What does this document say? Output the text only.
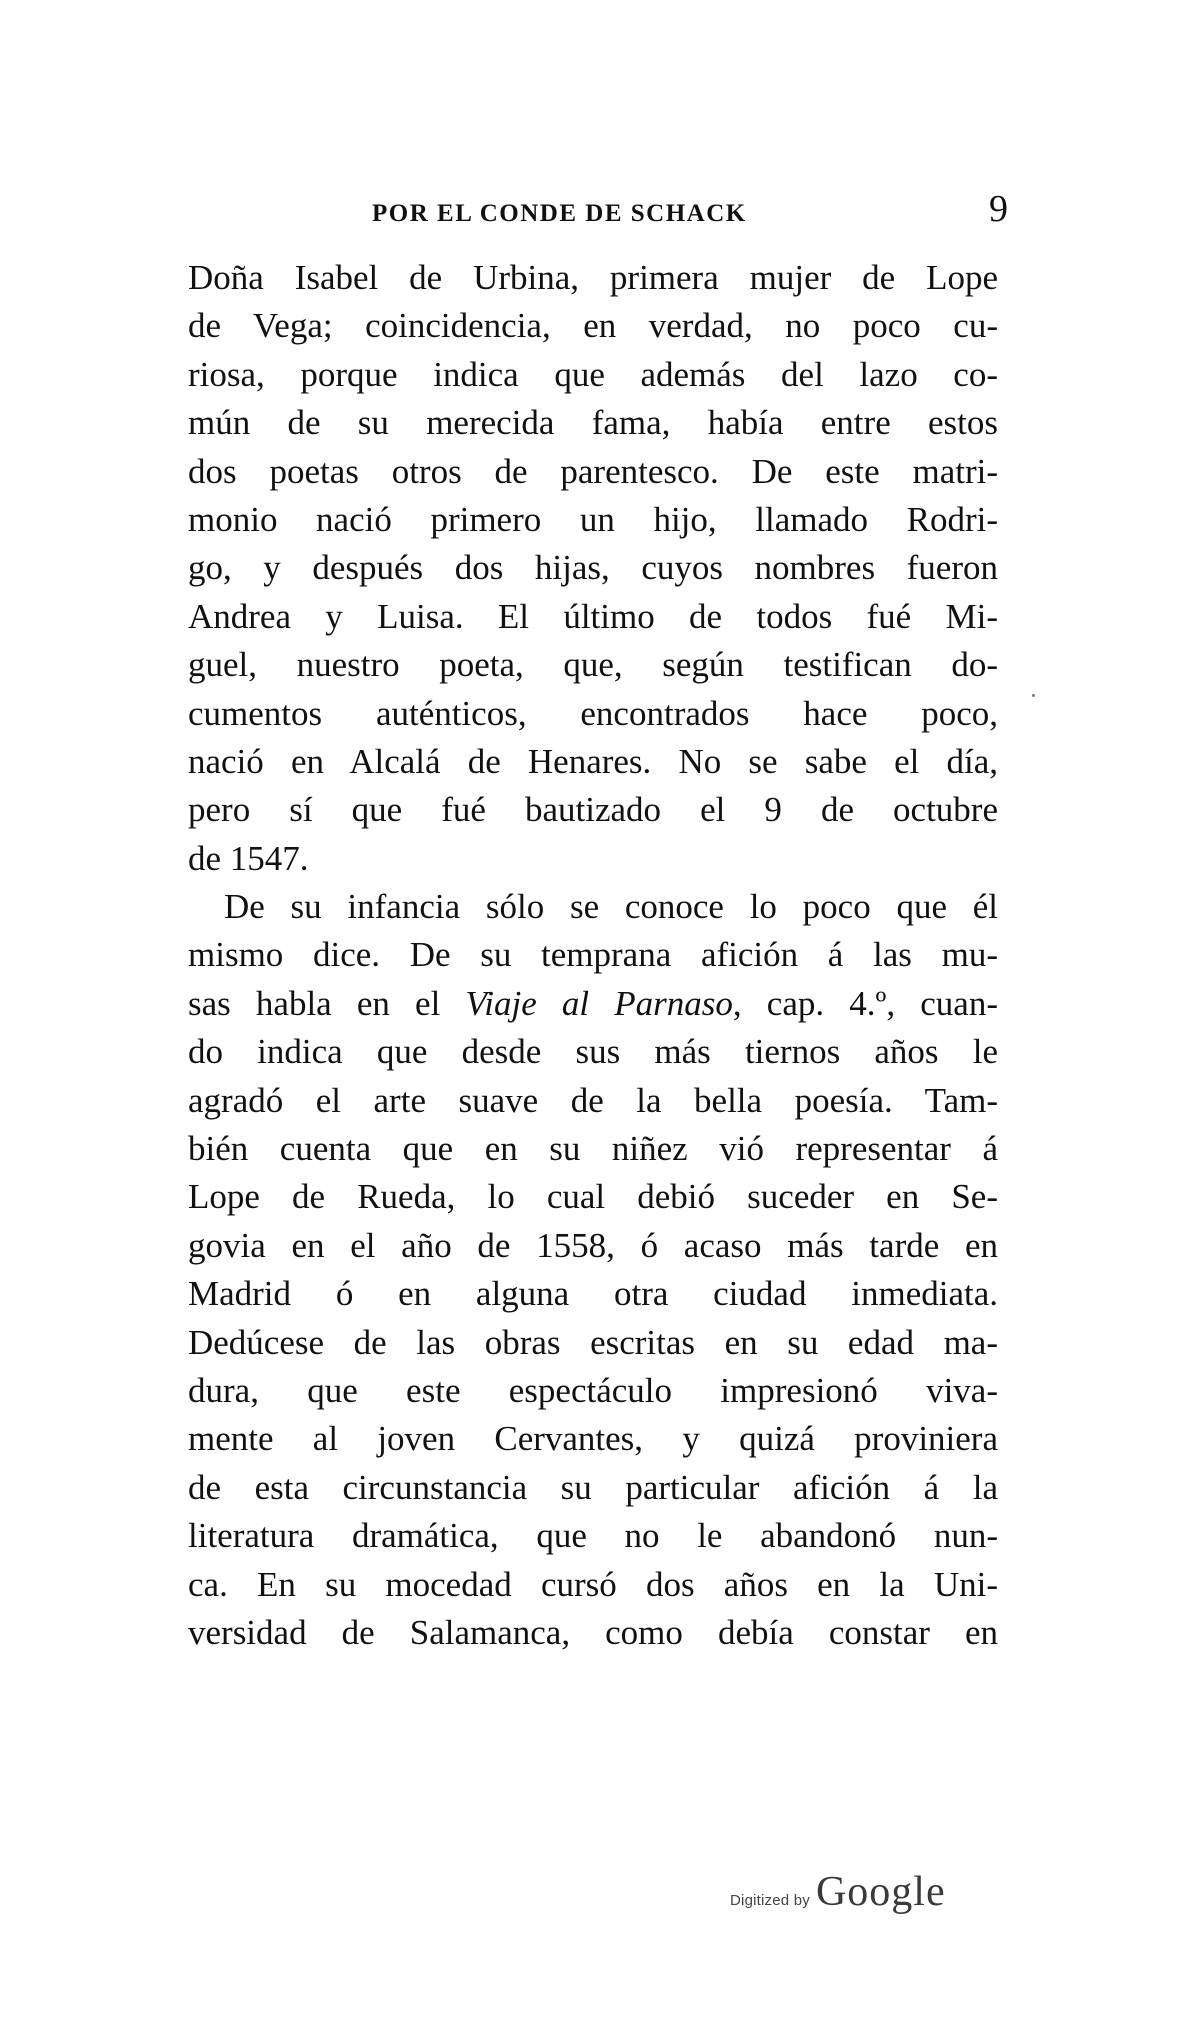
POR EL CONDE DE SCHACK	9
Doña Isabel de Urbina, primera mujer de Lope
de Vega; coincidencia, en verdad, no poco cu-
riosa, porque indica que además del lazo co-
mún de su merecida fama, había entre estos
dos poetas otros de parentesco. De este matri-
monio nació primero un hijo, llamado Rodri-
go, y después dos hijas, cuyos nombres fueron
Andrea y Luisa. El último de todos fué Mi-
guel, nuestro poeta, que, según testifican do-
cumentos auténticos, encontrados hace poco,
nació en Alcalá de Henares. No se sabe el día,
pero sí que fué bautizado el 9 de octubre
de 1547.
De su infancia sólo se conoce lo poco que él
mismo dice. De su temprana afición á las mu-
sas habla en el Viaje al Parnaso, cap. 4.º, cuan-
do indica que desde sus más tiernos años le
agradó el arte suave de la bella poesía. Tam-
bién cuenta que en su niñez vió representar á
Lope de Rueda, lo cual debió suceder en Se-
govia en el año de 1558, ó acaso más tarde en
Madrid ó en alguna otra ciudad inmediata.
Dedúcese de las obras escritas en su edad ma-
dura, que este espectáculo impresionó viva-
mente al joven Cervantes, y quizá proviniera
de esta circunstancia su particular afición á la
literatura dramática, que no le abandonó nun-
ca. En su mocedad cursó dos años en la Uni-
versidad de Salamanca, como debía constar en
Digitized by Google
